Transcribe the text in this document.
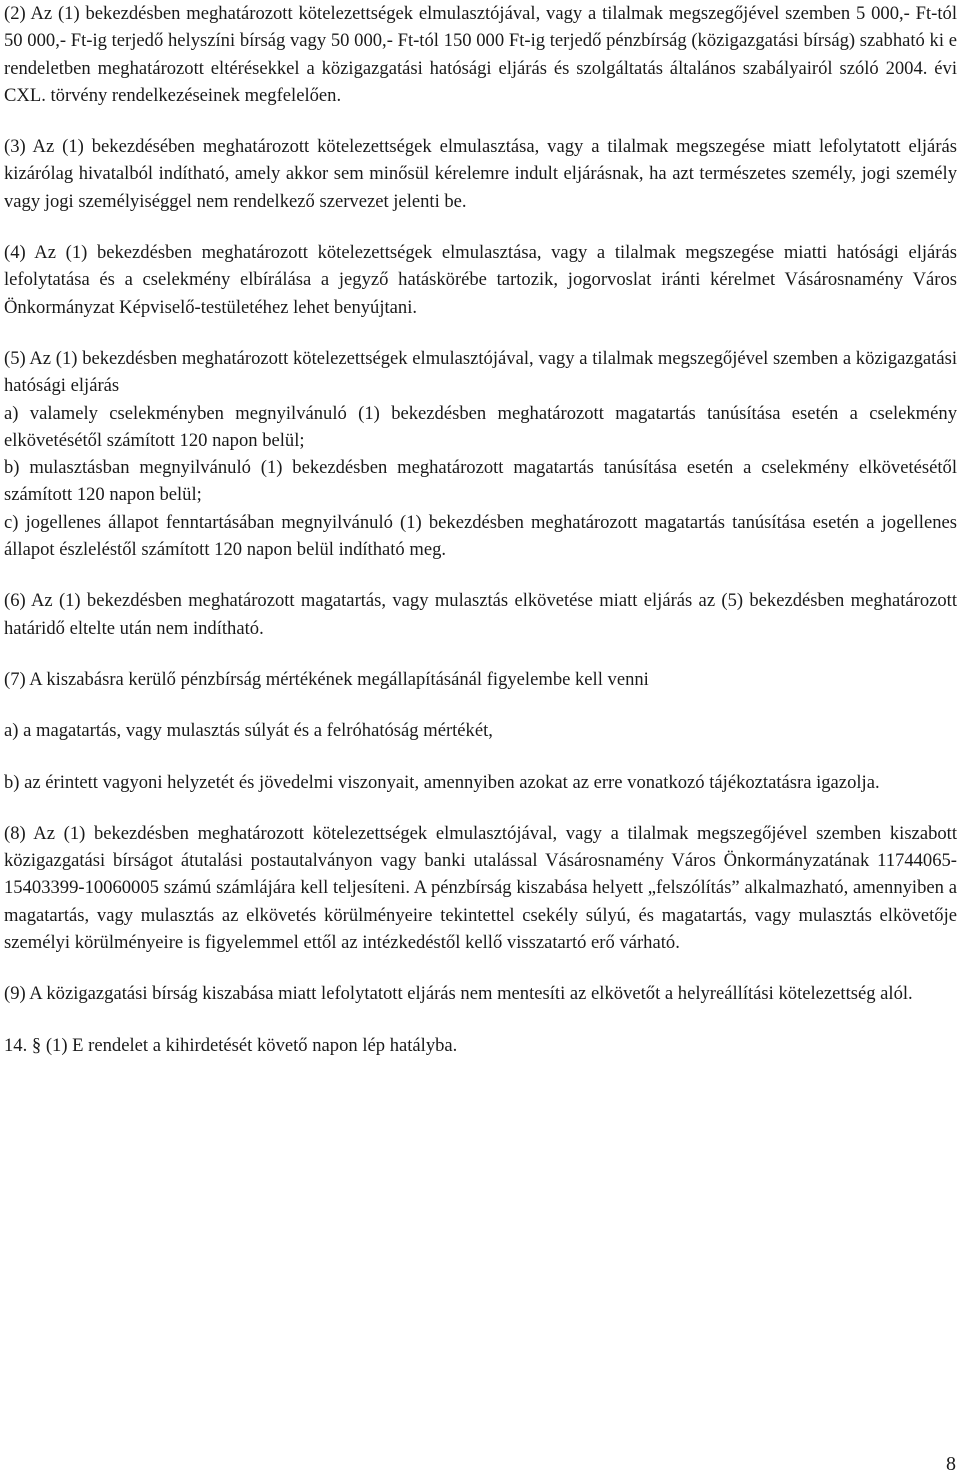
(2) Az (1) bekezdésben meghatározott kötelezettségek elmulasztójával, vagy a tilalmak megszegőjével szemben 5 000,- Ft-tól 50 000,- Ft-ig terjedő helyszíni bírság vagy 50 000,- Ft-tól 150 000 Ft-ig terjedő pénzbírság (közigazgatási bírság) szabható ki e rendeletben meghatározott eltérésekkel a közigazgatási hatósági eljárás és szolgáltatás általános szabályairól szóló 2004. évi CXL. törvény rendelkezéseinek megfelelően.

(3) Az (1) bekezdésében meghatározott kötelezettségek elmulasztása, vagy a tilalmak megszegése miatt lefolytatott eljárás kizárólag hivatalból indítható, amely akkor sem minősül kérelemre indult eljárásnak, ha azt természetes személy, jogi személy vagy jogi személyiséggel nem rendelkező szervezet jelenti be.

(4) Az (1) bekezdésben meghatározott kötelezettségek elmulasztása, vagy a tilalmak megszegése miatti hatósági eljárás lefolytatása és a cselekmény elbírálása a jegyző hatáskörébe tartozik, jogorvoslat iránti kérelmet Vásárosnamény Város Önkormányzat Képviselő-testületéhez lehet benyújtani.

(5) Az (1) bekezdésben meghatározott kötelezettségek elmulasztójával, vagy a tilalmak megszegőjével szemben a közigazgatási hatósági eljárás

a) valamely cselekményben megnyilvánuló (1) bekezdésben meghatározott magatartás tanúsítása esetén a cselekmény elkövetésétől számított 120 napon belül;

b) mulasztásban megnyilvánuló (1) bekezdésben meghatározott magatartás tanúsítása esetén a cselekmény elkövetésétől számított 120 napon belül;

c) jogellenes állapot fenntartásában megnyilvánuló (1) bekezdésben meghatározott magatartás tanúsítása esetén a jogellenes állapot észleléstől számított 120 napon belül indítható meg.

(6) Az (1) bekezdésben meghatározott magatartás, vagy mulasztás elkövetése miatt eljárás az (5) bekezdésben meghatározott határidő eltelte után nem indítható.

(7) A kiszabásra kerülő pénzbírság mértékének megállapításánál figyelembe kell venni

a) a magatartás, vagy mulasztás súlyát és a felróhatóság mértékét,

b) az érintett vagyoni helyzetét és jövedelmi viszonyait, amennyiben azokat az erre vonatkozó tájékoztatásra igazolja.

(8) Az (1) bekezdésben meghatározott kötelezettségek elmulasztójával, vagy a tilalmak megszegőjével szemben kiszabott közigazgatási bírságot átutalási postautalványon vagy banki utalással Vásárosnamény Város Önkormányzatának 11744065-15403399-10060005 számú számlájára kell teljesíteni. A pénzbírság kiszabása helyett „felszólítás” alkalmazható, amennyiben a magatartás, vagy mulasztás az elkövetés körülményeire tekintettel csekély súlyú, és magatartás, vagy mulasztás elkövetője személyi körülményeire is figyelemmel ettől az intézkedéstől kellő visszatartó erő várható.

(9) A közigazgatási bírság kiszabása miatt lefolytatott eljárás nem mentesíti az elkövetőt a helyreállítási kötelezettség alól.

14. § (1) E rendelet a kihirdetését követő napon lép hatályba.

8
